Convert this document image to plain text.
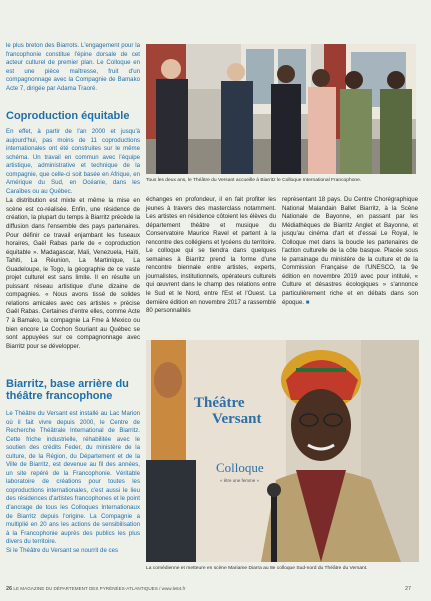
le plus breton des Biarrots. L'engagement pour la francophonie constitue l'épine dorsale de cet acteur culturel de premier plan. Le Colloque en est une pièce maîtresse, fruit d'un compagnonnage avec la Compagnie de Bamako Acte 7, dirigée par Adama Traoré.

Coproduction équitable

En effet, à partir de l'an 2000 et jusqu'à aujourd'hui, pas moins de 11 coproductions internationales ont été construites sur le même schéma. Un travail en commun avec l'équipe artistique, administrative et technique de la compagnie, que celle-ci soit basée en Afrique, en Amérique du Sud, en Océanie, dans les Caraïbes ou au Québec.

La distribution est mixte et même la mise en scène est co-réalisée. Enfin, une résidence de création, la plupart du temps à Biarritz précède la diffusion dans l'ensemble des pays partenaires. Pour définir ce travail enjambant les fuseaux horaires, Gaël Rabas parle de « coproduction équitable ». Madagascar, Mali, Venezuela, Haïti, Tahiti, La Réunion, La Martinique, La Guadeloupe, le Togo, la géographie de ce vaste projet culturel est sans limite. Il en résulte un puissant réseau artistique d'une dizaine de compagnies. « Nous avons tissé de solides relations amicales avec ces artistes » précise Gaël Rabas. Certaines d'entre elles, comme Acte 7 à Bamako, la compagnie La Fme à Mexico ou bien encore Le Cochon Souriant au Québec se sont appuyées sur ce compagnonnage avec Biarritz pour se développer.

Biarritz, base arrière du théâtre francophone

Le Théâtre du Versant est installé au Lac Marion où il fait vivre depuis 2000, le Centre de Recherche Théâtrale International de Biarritz. Cette friche industrielle, réhabilitée avec le soutien des crédits Feder, du ministère de la culture, de la Région, du Département et de la Ville de Biarritz, est devenue au fil des années, un site repéré de la Francophonie. Véritable laboratoire de créations pour toutes les coproductions internationales, c'est aussi le lieu des résidences d'artistes francophones et le point d'ancrage de tous les Colloques Internationaux de Biarritz depuis l'origine. La Compagnie a multiplié en 20 ans les actions de sensibilisation à la Francophonie auprès des publics les plus divers du territoire.

Si le Théâtre du Versant se nourrit de ces

Tous les deux ans, le Théâtre du Versant accueille à Biarritz le Colloque International Francophone.

échanges en profondeur, il en fait profiter les jeunes à travers des masterclass notamment. Les artistes en résidence côtoient les élèves du département théâtre et musique du Conservatoire Maurice Ravel et partent à la rencontre des collégiens et lycéens du territoire. Le colloque qui se tiendra dans quelques semaines à Biarritz prend la forme d'une rencontre biennale entre artistes, experts, journalistes, institutionnels, opérateurs culturels qui œuvrent dans le champ des relations entre le Sud et le Nord, entre l'Est et l'Ouest. La dernière édition en novembre 2017 a rassemblé 80 personnalités

représentant 18 pays. Du Centre Chorégraphique National Malandain Ballet Biarritz, à la Scène Nationale de Bayonne, en passant par les Médiathèques de Biarritz Anglet et Bayonne, et jusqu'au cinéma d'art et d'essai Le Royal, le Colloque met dans la boucle les partenaires de l'action culturelle de la côte basque. Placée sous le parrainage du ministère de la culture et de la Commission Française de l'UNESCO, la 9e édition en novembre 2019 avec pour intitulé, « Culture et désastres écologiques » s'annonce particulièrement riche et en débats dans son époque. ■

Théâtre
Versant
Colloque
« être une femme »
La comédienne et metteure en scène Mariame Diarra au 8e colloque Sud-nord du Théâtre du Versant.
26 LE MAGAZINE DU DÉPARTEMENT DES PYRÉNÉES-ATLANTIQUES / www.le64.fr	27
